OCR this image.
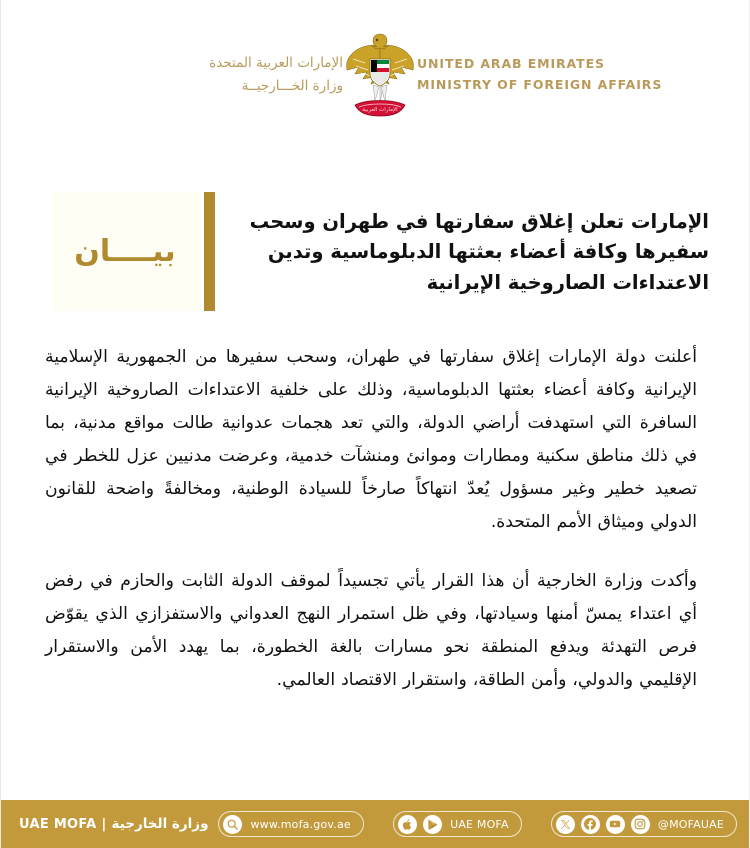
UNITED ARAB EMIRATES
MINISTRY OF FOREIGN AFFAIRS
الإمارات العربية
الإمارات العربية المتحدة
وزارة الخـــارجيــة
الإمارات تعلن إغلاق سفارتها في طهران وسحب سفيرها وكافة أعضاء بعثتها الدبلوماسية وتدين الاعتداءات الصاروخية الإيرانية
بيــــان

أعلنت دولة الإمارات إغلاق سفارتها في طهران، وسحب سفيرها من الجمهورية الإسلامية الإيرانية وكافة أعضاء بعثتها الدبلوماسية، وذلك على خلفية الاعتداءات الصاروخية الإيرانية السافرة التي استهدفت أراضي الدولة، والتي تعد هجمات عدوانية طالت مواقع مدنية، بما في ذلك مناطق سكنية ومطارات وموانئ ومنشآت خدمية، وعرضت مدنيين عزل للخطر في تصعيد خطير وغير مسؤول يُعدّ انتهاكاً صارخاً للسيادة الوطنية، ومخالفةً واضحة للقانون الدولي وميثاق الأمم المتحدة.

وأكدت وزارة الخارجية أن هذا القرار يأتي تجسيداً لموقف الدولة الثابت والحازم في رفض أي اعتداء يمسّ أمنها وسيادتها، وفي ظل استمرار النهج العدواني والاستفزازي الذي يقوّض فرص التهدئة ويدفع المنطقة نحو مسارات بالغة الخطورة، بما يهدد الأمن والاستقرار الإقليمي والدولي، وأمن الطاقة، واستقرار الاقتصاد العالمي.

UAE MOFA | وزارة الخارجية	www.mofa.gov.ae	UAE MOFA	@MOFAUAE
